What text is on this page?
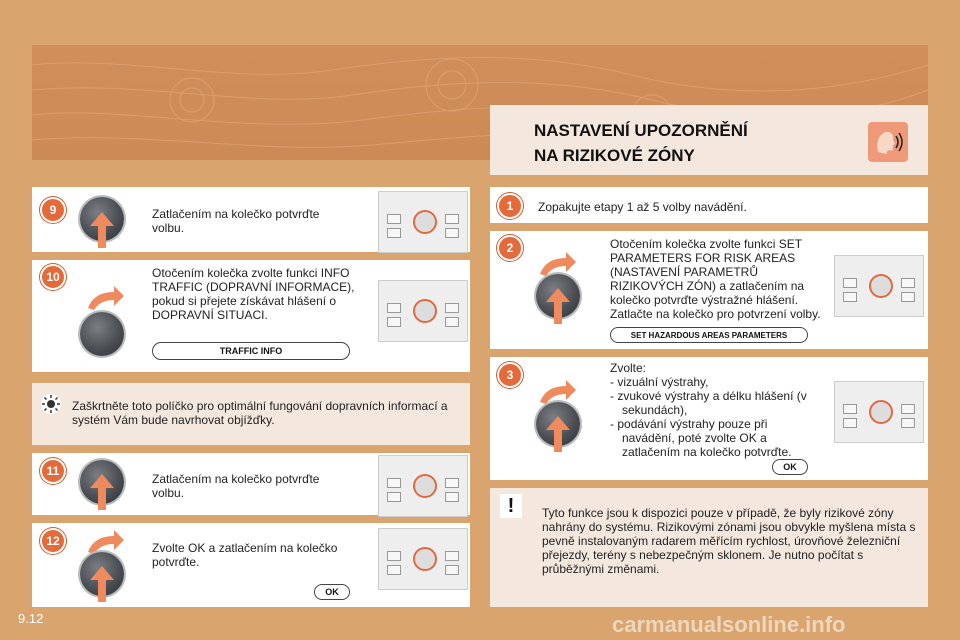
NASTAVENÍ UPOZORNĚNÍ
NA RIZIKOVÉ ZÓNY
9	Zatlačením na kolečko potvrďte volbu.
10	Otočením kolečka zvolte funkci INFO TRAFFIC (DOPRAVNÍ INFORMACE), pokud si přejete získávat hlášení o DOPRAVNÍ SITUACI.
TRAFFIC INFO
Zaškrtněte toto políčko pro optimální fungování dopravních informací a systém Vám bude navrhovat objížďky.
11
Zatlačením na kolečko potvrďte volbu.
12	Zvolte OK a zatlačením na kolečko potvrďte.
OK
1	Zopakujte etapy 1 až 5 volby navádění.
2	Otočením kolečka zvolte funkci SET PARAMETERS FOR RISK AREAS (NASTAVENÍ PARAMETRŮ RIZIKOVÝCH ZÓN) a zatlačením na kolečko potvrďte výstražné hlášení. Zatlačte na kolečko pro potvrzení volby.
SET HAZARDOUS AREAS PARAMETERS
3	Zvolte:
- vizuální výstrahy,
- zvukové výstrahy a délku hlášení (v sekundách),
- podávání výstrahy pouze při navádění, poté zvolte OK a zatlačením na kolečko potvrďte.
OK
!	Tyto funkce jsou k dispozici pouze v případě, že byly rizikové zóny nahrány do systému. Rizikovými zónami jsou obvykle myšlena místa s pevně instalovaným radarem měřícím rychlost, úrovňové železniční přejezdy, terény s nebezpečným sklonem. Je nutno počítat s průběžnými změnami.
9.12	carmanualsonline.info
